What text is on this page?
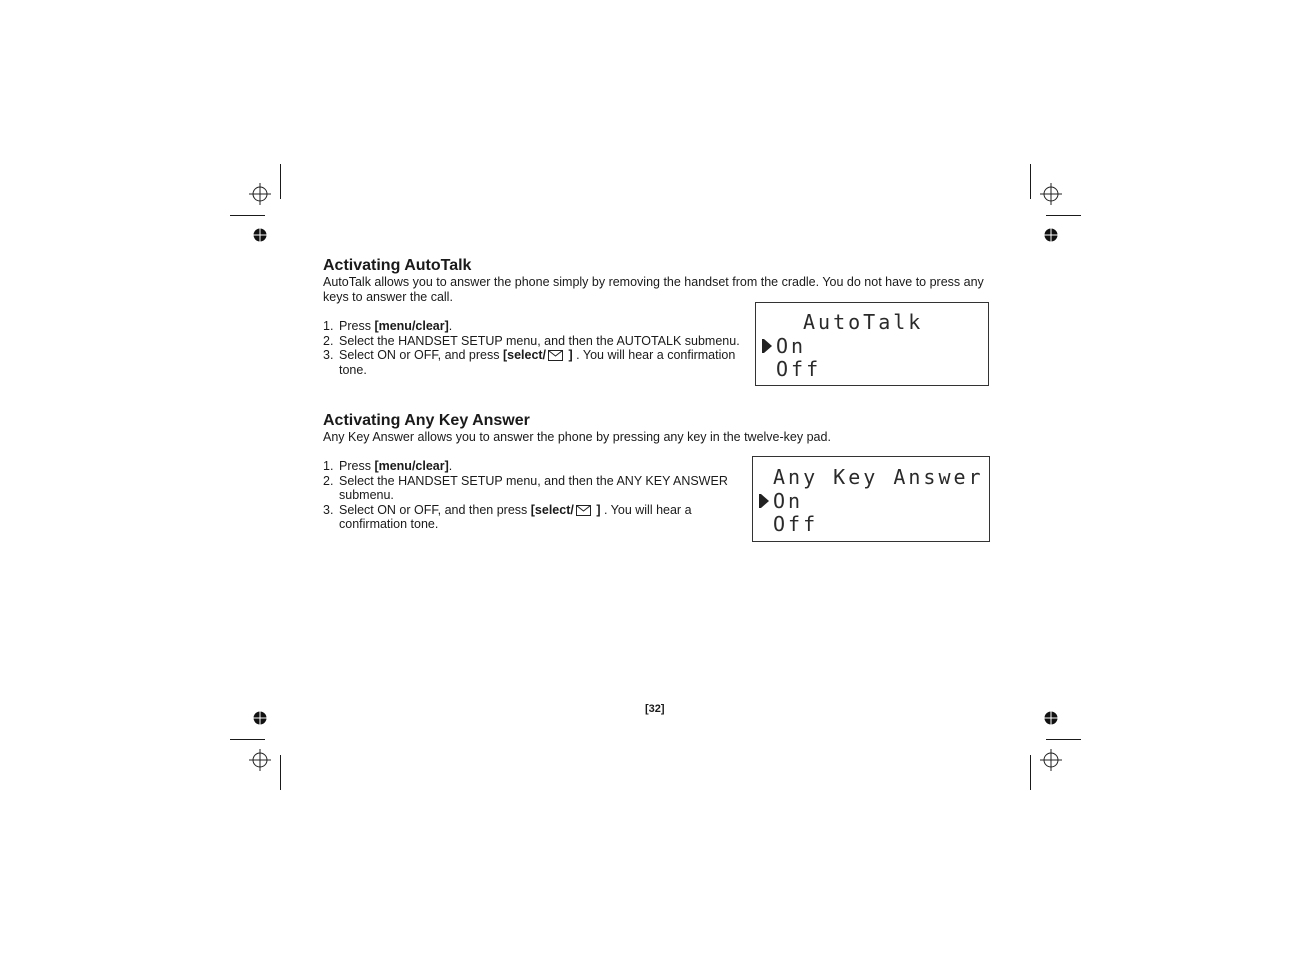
Activating AutoTalk

AutoTalk allows you to answer the phone simply by removing the handset from the cradle. You do not have to press any keys to answer the call.

1. Press [menu/clear].
2. Select the HANDSET SETUP menu, and then the AUTOTALK submenu.
3. Select ON or OFF, and press [select/ ] . You will hear a confirmation tone.
AutoTalk
On
Off
Activating Any Key Answer

Any Key Answer allows you to answer the phone by pressing any key in the twelve-key pad.

1. Press [menu/clear].
2. Select the HANDSET SETUP menu, and then the ANY KEY ANSWER submenu.
3. Select ON or OFF, and then press [select/ ] . You will hear a confirmation tone.
Any Key Answer
On
Off
[32]
